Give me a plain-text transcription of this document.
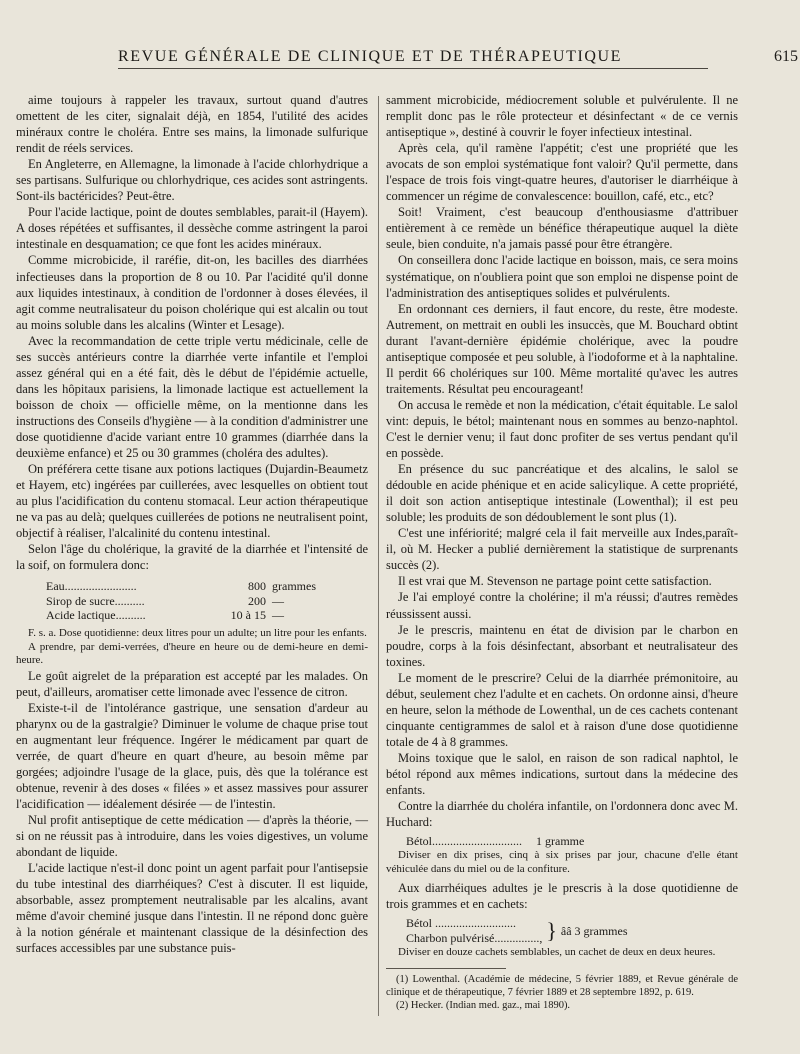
REVUE GÉNÉRALE DE CLINIQUE ET DE THÉRAPEUTIQUE	615

aime toujours à rappeler les travaux, surtout quand d'autres omettent de les citer, signalait déjà, en 1854, l'utilité des acides minéraux contre le choléra. Entre ses mains, la limonade sulfurique rendit de réels services.

En Angleterre, en Allemagne, la limonade à l'acide chlorhydrique a ses partisans. Sulfurique ou chlorhydrique, ces acides sont astringents. Sont-ils bactéricides? Peut-être.

Pour l'acide lactique, point de doutes semblables, parait-il (Hayem). A doses répétées et suffisantes, il dessèche comme astringent la paroi intestinale en desquamation; ce que font les acides minéraux.

Comme microbicide, il raréfie, dit-on, les bacilles des diarrhées infectieuses dans la proportion de 8 ou 10. Par l'acidité qu'il donne aux liquides intestinaux, à condition de l'ordonner à doses élevées, il agit comme neutralisateur du poison cholérique qui est alcalin ou tout au moins soluble dans les alcalins (Winter et Lesage).

Avec la recommandation de cette triple vertu médicinale, celle de ses succès antérieurs contre la diarrhée verte infantile et l'emploi assez général qui en a été fait, dès le début de l'épidémie actuelle, dans les hôpitaux parisiens, la limonade lactique est actuellement la boisson de choix — officielle même, on la mentionne dans les instructions des Conseils d'hygiène — à la condition d'administrer une dose quotidienne d'acide variant entre 10 grammes (diarrhée dans la deuxième enfance) et 25 ou 30 grammes (choléra des adultes).

On préférera cette tisane aux potions lactiques (Dujardin-Beaumetz et Hayem, etc) ingérées par cuillerées, avec lesquelles on obtient tout au plus l'acidification du contenu stomacal. Leur action thérapeutique ne va pas au delà; quelques cuillerées de potions ne neutralisent point, objectif à réaliser, l'alcalinité du contenu intestinal.

Selon l'âge du cholérique, la gravité de la diarrhée et l'intensité de la soif, on formulera donc:

Eau........................	800 grammes
Sirop de sucre..........	200 —
Acide lactique..........	10 à 15 —

F. s. a. Dose quotidienne: deux litres pour un adulte; un litre pour les enfants.

A prendre, par demi-verrées, d'heure en heure ou de demi-heure en demi-heure.

Le goût aigrelet de la préparation est accepté par les malades. On peut, d'ailleurs, aromatiser cette limonade avec l'essence de citron.

Existe-t-il de l'intolérance gastrique, une sensation d'ardeur au pharynx ou de la gastralgie? Diminuer le volume de chaque prise tout en augmentant leur fréquence. Ingérer le médicament par quart de verrée, de quart d'heure en quart d'heure, au besoin même par gorgées; adjoindre l'usage de la glace, puis, dès que la tolérance est obtenue, revenir à des doses « filées » et assez massives pour assurer l'acidification — idéalement désirée — de l'intestin.

Nul profit antiseptique de cette médication — d'après la théorie, — si on ne réussit pas à introduire, dans les voies digestives, un volume abondant de liquide.

L'acide lactique n'est-il donc point un agent parfait pour l'antisepsie du tube intestinal des diarrhéiques? C'est à discuter. Il est liquide, absorbable, assez promptement neutralisable par les alcalins, avant même d'avoir cheminé jusque dans l'intestin. Il ne répond donc guère à la notion générale et maintenant classique de la désinfection des surfaces accessibles par une substance puis-

samment microbicide, médiocrement soluble et pulvérulente. Il ne remplit donc pas le rôle protecteur et désinfectant « de ce vernis antiseptique », destiné à couvrir le foyer infectieux intestinal.

Après cela, qu'il ramène l'appétit; c'est une propriété que les avocats de son emploi systématique font valoir? Qu'il permette, dans l'espace de trois fois vingt-quatre heures, d'autoriser le diarrhéique à commencer un régime de convalescence: bouillon, café, etc., etc?

Soit! Vraiment, c'est beaucoup d'enthousiasme d'attribuer entièrement à ce remède un bénéfice thérapeutique auquel la diète seule, bien conduite, n'a jamais passé pour être étrangère.

On conseillera donc l'acide lactique en boisson, mais, ce sera moins systématique, on n'oubliera point que son emploi ne dispense point de l'administration des antiseptiques solides et pulvérulents.

En ordonnant ces derniers, il faut encore, du reste, être modeste. Autrement, on mettrait en oubli les insuccès, que M. Bouchard obtint durant l'avant-dernière épidémie cholérique, avec la poudre antiseptique composée et peu soluble, à l'iodoforme et à la naphtaline. Il perdit 66 cholériques sur 100. Même mortalité qu'avec les autres traitements. Résultat peu encourageant!

On accusa le remède et non la médication, c'était équitable. Le salol vint: depuis, le bétol; maintenant nous en sommes au benzo-naphtol. C'est le dernier venu; il faut donc profiter de ses vertus pendant qu'il en possède.

En présence du suc pancréatique et des alcalins, le salol se dédouble en acide phénique et en acide salicylique. A cette propriété, il doit son action antiseptique intestinale (Lowenthal); il est peu soluble; les produits de son dédoublement le sont plus (1).

C'est une infériorité; malgré cela il fait merveille aux Indes,paraît-il, où M. Hecker a publié dernièrement la statistique de surprenants succès (2).

Il est vrai que M. Stevenson ne partage point cette satisfaction.

Je l'ai employé contre la cholérine; il m'a réussi; d'autres remèdes réussissent aussi.

Je le prescris, maintenu en état de division par le charbon en poudre, corps à la fois désinfectant, absorbant et neutralisateur des toxines.

Le moment de le prescrire? Celui de la diarrhée prémonitoire, au début, seulement chez l'adulte et en cachets. On ordonne ainsi, d'heure en heure, selon la méthode de Lowenthal, un de ces cachets contenant cinquante centigrammes de salol et à raison d'une dose quotidienne totale de 4 à 8 grammes.

Moins toxique que le salol, en raison de son radical naphtol, le bétol répond aux mêmes indications, surtout dans la médecine des enfants.

Contre la diarrhée du choléra infantile, on l'ordonnera donc avec M. Huchard:

Bétol.............................. 1 gramme

Diviser en dix prises, cinq à six prises par jour, chacune d'elle étant véhiculée dans du miel ou de la confiture.

Aux diarrhéiques adultes je le prescris à la dose quotidienne de trois grammes et en cachets:

Bétol ...........................
Charbon pulvérisé..............., } ââ 3 grammes

Diviser en douze cachets semblables, un cachet de deux en deux heures.

(1) Lowenthal. (Académie de médecine, 5 février 1889, et Revue générale de clinique et de thérapeutique, 7 février 1889 et 28 septembre 1892, p. 619.

(2) Hecker. (Indian med. gaz., mai 1890).
